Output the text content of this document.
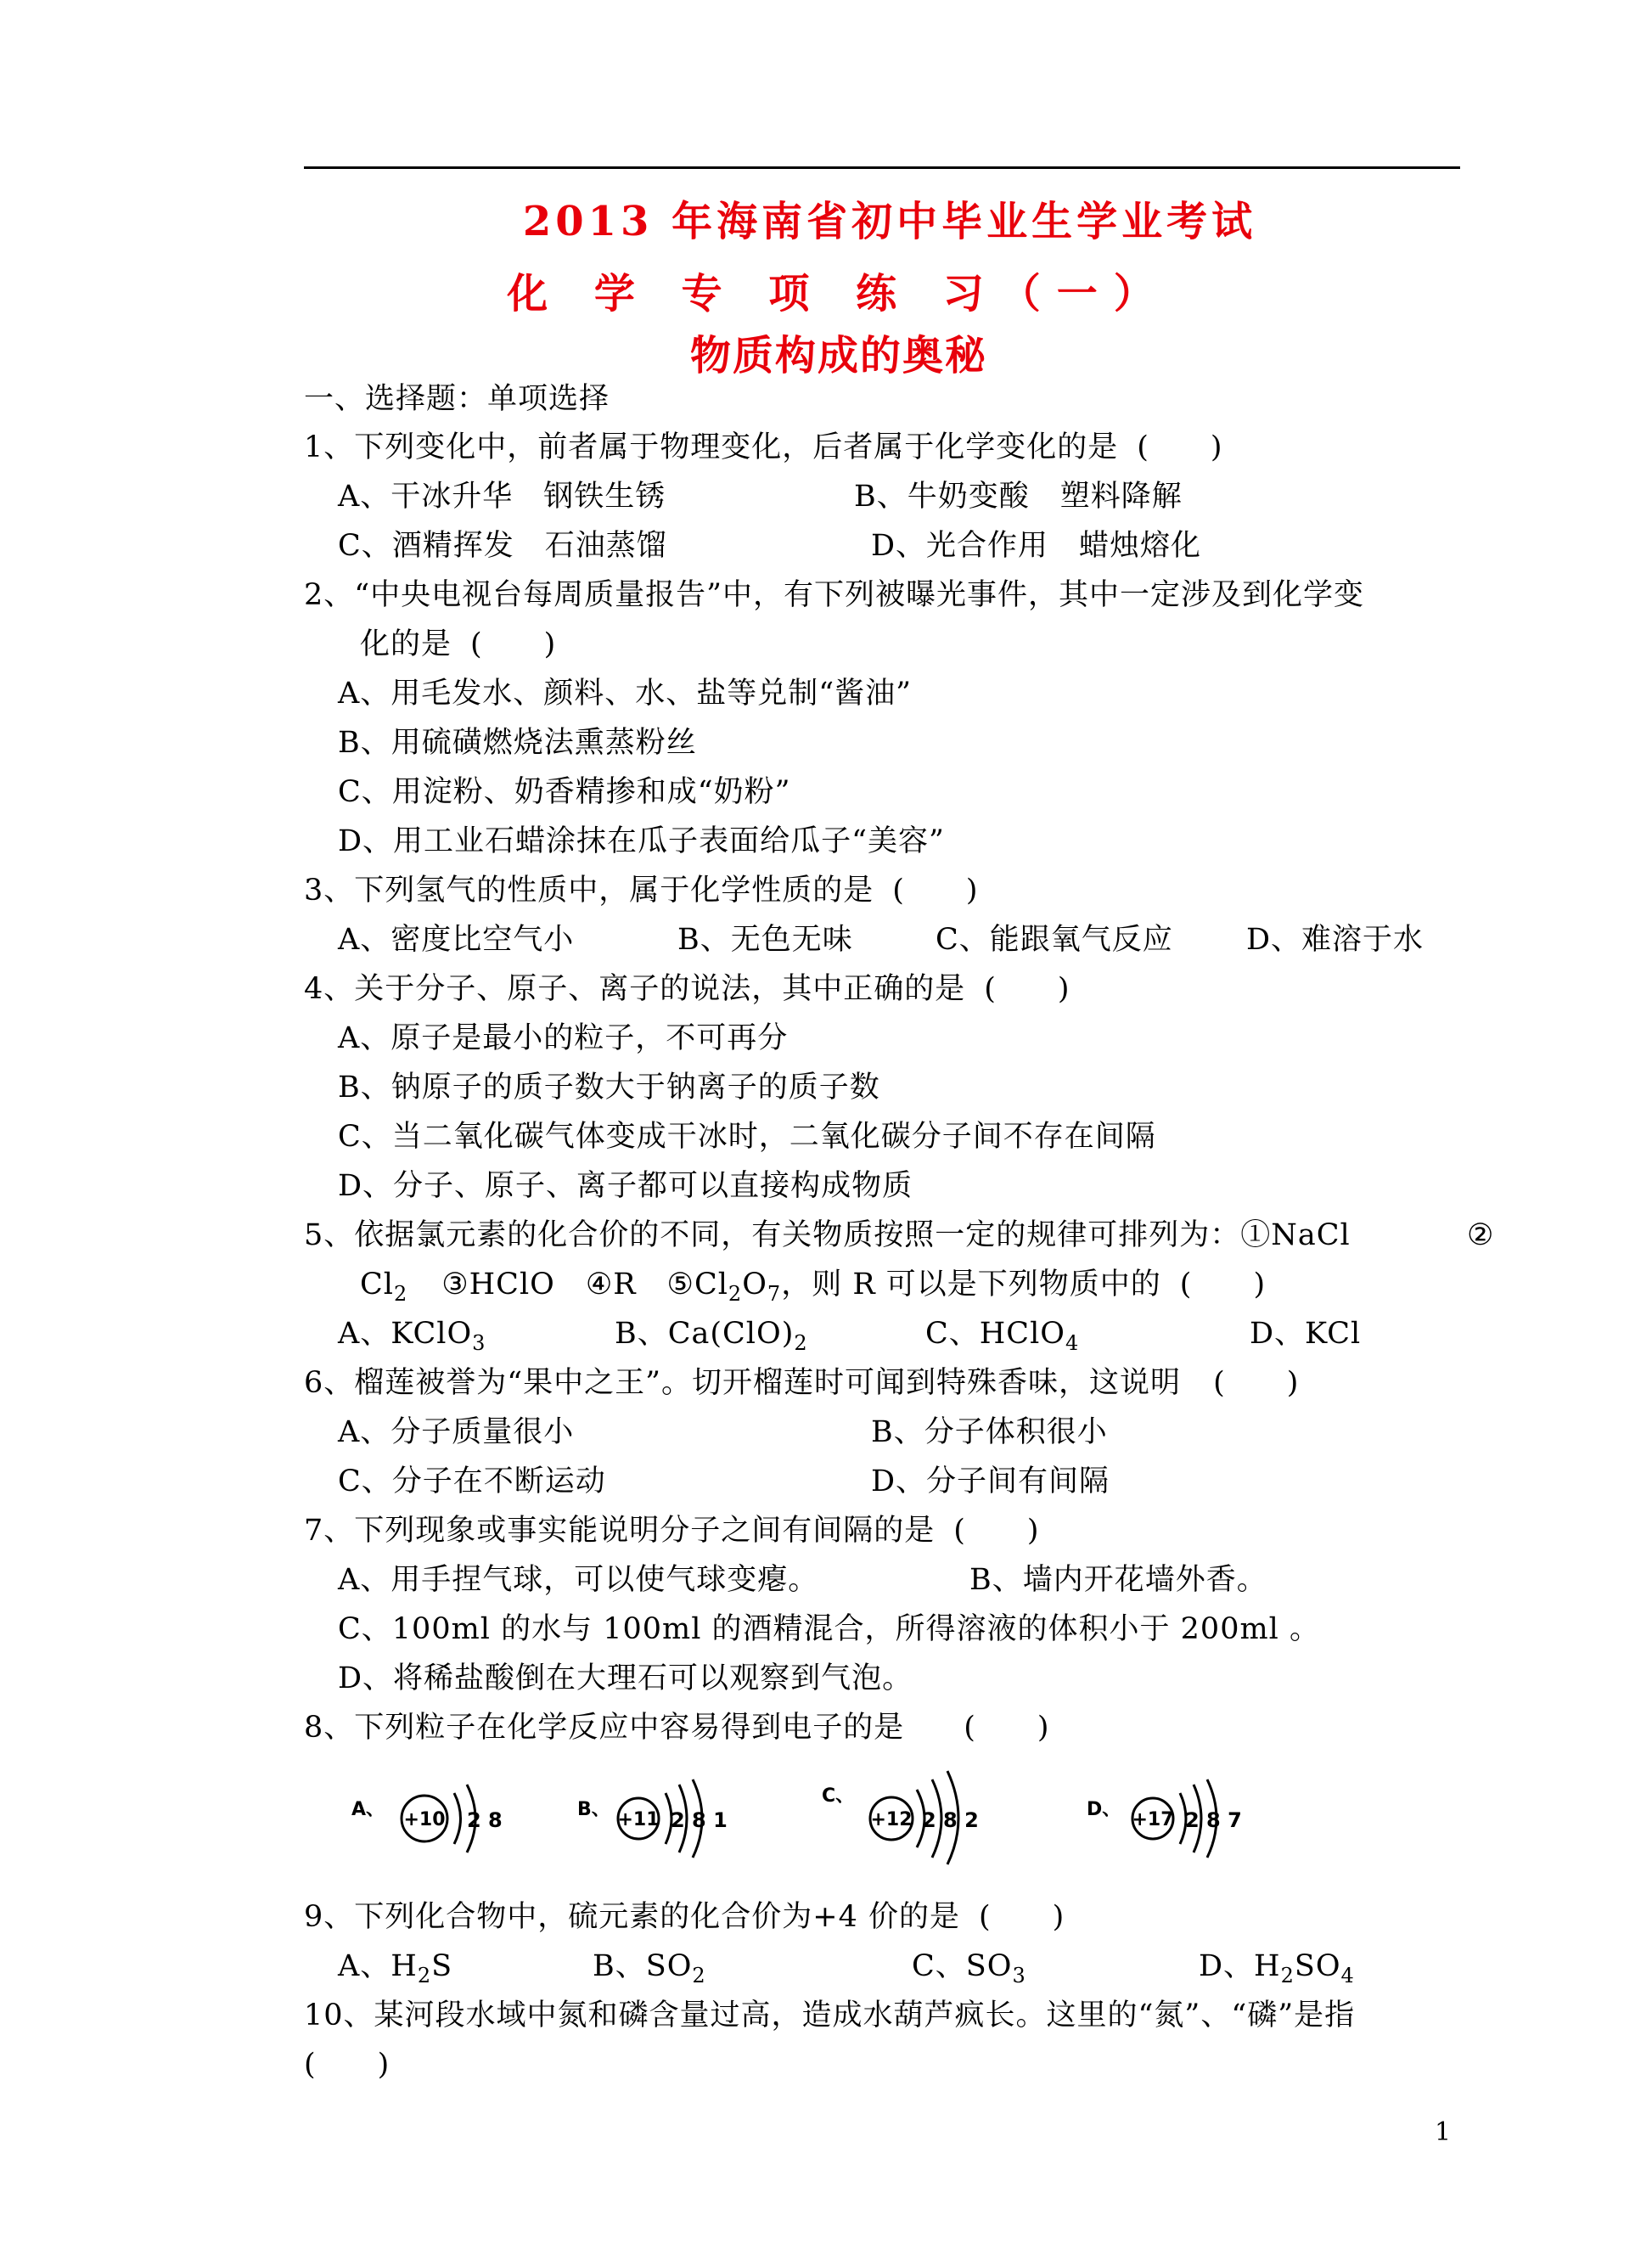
2013 年海南省初中毕业生学业考试
化 学 专 项 练 习（一）
物质构成的奥秘
一、选择题：单项选择
1、下列变化中，前者属于物理变化，后者属于化学变化的是 (　　)
A、干冰升华　钢铁生锈	B、牛奶变酸　塑料降解
C、酒精挥发　石油蒸馏	D、光合作用　蜡烛熔化
2、“中央电视台每周质量报告”中，有下列被曝光事件，其中一定涉及到化学变
化的是 (　　)
A、用毛发水、颜料、水、盐等兑制“酱油”
B、用硫磺燃烧法熏蒸粉丝
C、用淀粉、奶香精掺和成“奶粉”
D、用工业石蜡涂抹在瓜子表面给瓜子“美容”
3、下列氢气的性质中，属于化学性质的是 (　　)
A、密度比空气小	B、无色无味	C、能跟氧气反应 D、难溶于水
4、关于分子、原子、离子的说法，其中正确的是 (　　)
A、原子是最小的粒子，不可再分
B、钠原子的质子数大于钠离子的质子数
C、当二氧化碳气体变成干冰时，二氧化碳分子间不存在间隔
D、分子、原子、离子都可以直接构成物质
5、依据氯元素的化合价的不同，有关物质按照一定的规律可排列为：①NaCl	②
$Cl_2$ ③HClO　④R　$⑤Cl_2O_7$，则 R 可以是下列物质中的 (　　)
A、KClO$_3$	B、$Ca(ClO)_2$	C、HClO$_4$	D、KCl
6、榴莲被誉为“果中之王”。切开榴莲时可闻到特殊香味，这说明 (　　)
A、分子质量很小	B、分子体积很小
C、分子在不断运动	D、分子间有间隔
7、下列现象或事实能说明分子之间有间隔的是 (　　)
A、用手捏气球，可以使气球变瘪。	B、墙内开花墙外香。
C、100ml 的水与 100ml 的酒精混合，所得溶液的体积小于 200ml 。
D、将稀盐酸倒在大理石可以观察到气泡。
8、下列粒子在化学反应中容易得到电子的是 (　　)
A、 +10 2 8	B、 +11 2 8 1
C、
+12 2 8 2	D、 +17 2 8 7
9、下列化合物中，硫元素的化合价为+4 价的是 (　　)
A、$H_2S$	B、$SO_2$	C、$SO_3$	D、$H_2SO_4$
10、某河段水域中氮和磷含量过高，造成水葫芦疯长。这里的“氮”、“磷”是指
(　　)
1
